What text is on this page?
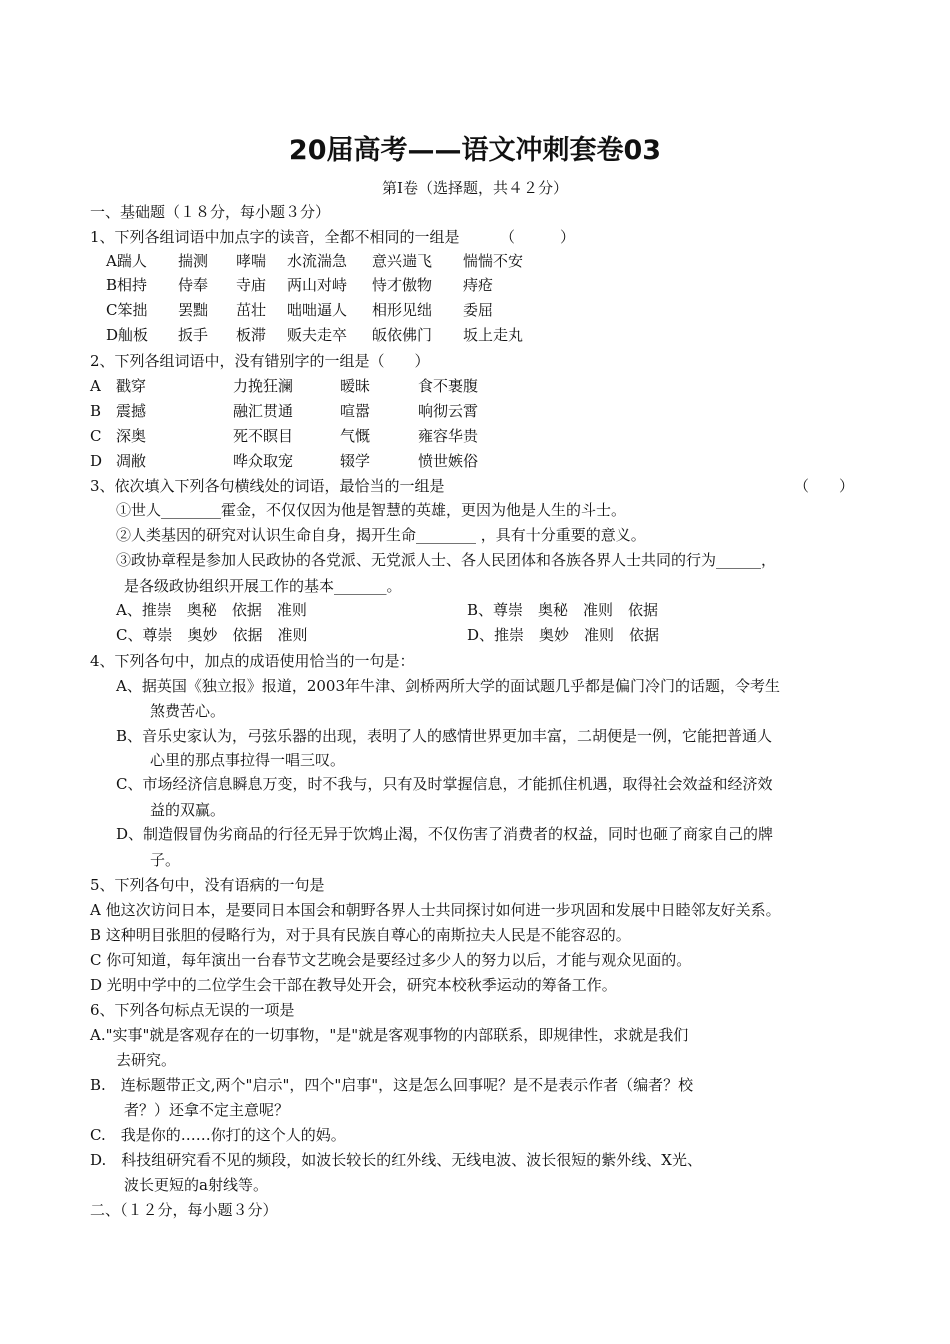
20届高考——语文冲刺套卷03
第Ⅰ卷（选择题，共４２分）
一、基础题（１８分，每小题３分）
1、下列各组词语中加点字的读音，全都不相同的一组是	（　　　）
A踹人 揣测 哮喘 水流湍急 意兴遄飞 惴惴不安
B相持 侍奉 寺庙 两山对峙 恃才傲物 痔疮
C笨拙 罢黜 茁壮 咄咄逼人 相形见绌 委屈
D舢板 扳手 板滞 贩夫走卒 皈依佛门 坂上走丸
2、下列各组词语中，没有错别字的一组是（　　）
A 戳穿	力挽狂澜	暧昧	食不裹腹
B 震撼	融汇贯通	喧嚣	响彻云霄
C 深奥	死不瞑目	气慨	雍容华贵
D 凋敝	哗众取宠	辍学	愤世嫉俗
3、依次填入下列各句横线处的词语，最恰当的一组是	（　　）
①世人________霍金，不仅仅因为他是智慧的英雄，更因为他是人生的斗士。
②人类基因的研究对认识生命自身，揭开生命________ ，具有十分重要的意义。
③政协章程是参加人民政协的各党派、无党派人士、各人民团体和各族各界人士共同的行为______，
是各级政协组织开展工作的基本_______。
A、推崇　奥秘　依据　准则	B、尊崇　奥秘　准则　依据
C、尊崇　奥妙　依据　准则	D、推崇　奥妙　准则　依据
4、下列各句中，加点的成语使用恰当的一句是：
A、据英国《独立报》报道，2003年牛津、剑桥两所大学的面试题几乎都是偏门冷门的话题，令考生
煞费苦心。
B、音乐史家认为，弓弦乐器的出现，表明了人的感情世界更加丰富，二胡便是一例，它能把普通人
心里的那点事拉得一唱三叹。
C、市场经济信息瞬息万变，时不我与，只有及时掌握信息，才能抓住机遇，取得社会效益和经济效
益的双赢。
D、制造假冒伪劣商品的行径无异于饮鸩止渴，不仅伤害了消费者的权益，同时也砸了商家自己的牌
子。
5、下列各句中，没有语病的一句是
A 他这次访问日本，是要同日本国会和朝野各界人士共同探讨如何进一步巩固和发展中日睦邻友好关系。
B 这种明目张胆的侵略行为，对于具有民族自尊心的南斯拉夫人民是不能容忍的。
C 你可知道，每年演出一台春节文艺晚会是要经过多少人的努力以后，才能与观众见面的。
D 光明中学中的二位学生会干部在教导处开会，研究本校秋季运动的筹备工作。
6、下列各句标点无误的一项是
A."实事"就是客观存在的一切事物，"是"就是客观事物的内部联系，即规律性，求就是我们
去研究。
B.　连标题带正文,两个"启示"，四个"启事"，这是怎么回事呢？是不是表示作者（编者？校
者？）还拿不定主意呢？
C.　我是你的……你打的这个人的妈。
D.　科技组研究看不见的频段，如波长较长的红外线、无线电波、波长很短的紫外线、X光、
波长更短的a射线等。
二、（１２分，每小题３分）
